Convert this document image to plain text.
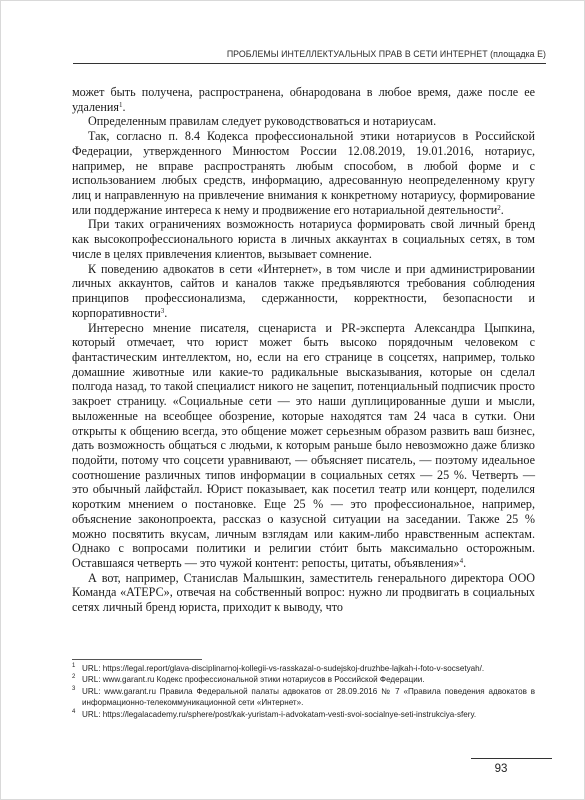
ПРОБЛЕМЫ ИНТЕЛЛЕКТУАЛЬНЫХ ПРАВ В СЕТИ ИНТЕРНЕТ (площадка Е)

может быть получена, распространена, обнародована в любое время, даже после ее удаления$^1$.

Определенным правилам следует руководствоваться и нотариусам.

Так, согласно п. 8.4 Кодекса профессиональной этики нотариусов в Российской Федерации, утвержденного Минюстом России 12.08.2019, 19.01.2016, нотариус, например, не вправе распространять любым способом, в любой форме и с использованием любых средств, информацию, адресованную неопределенному кругу лиц и направленную на привлечение внимания к конкретному нотариусу, формирование или поддержание интереса к нему и продвижение его нотариальной деятельности$^2$.

При таких ограничениях возможность нотариуса формировать свой личный бренд как высокопрофессионального юриста в личных аккаунтах в социальных сетях, в том числе в целях привлечения клиентов, вызывает сомнение.

К поведению адвокатов в сети «Интернет», в том числе и при администрировании личных аккаунтов, сайтов и каналов также предъявляются требования соблюдения принципов профессионализма, сдержанности, корректности, безопасности и корпоративности$^3$.

Интересно мнение писателя, сценариста и PR-эксперта Александра Цыпкина, который отмечает, что юрист может быть высоко порядочным человеком с фантастическим интеллектом, но, если на его странице в соцсетях, например, только домашние животные или какие-то радикальные высказывания, которые он сделал полгода назад, то такой специалист никого не зацепит, потенциальный подписчик просто закроет страницу. «Социальные сети — это наши дуплицированные души и мысли, выложенные на всеобщее обозрение, которые находятся там 24 часа в сутки. Они открыты к общению всегда, это общение может серьезным образом развить ваш бизнес, дать возможность общаться с людьми, к которым раньше было невозможно даже близко подойти, потому что соцсети уравнивают, — объясняет писатель, — поэтому идеальное соотношение различных типов информации в социальных сетях — 25 %. Четверть — это обычный лайфстайл. Юрист показывает, как посетил театр или концерт, поделился коротким мнением о постановке. Еще 25 % — это профессиональное, например, объяснение законопроекта, рассказ о казусной ситуации на заседании. Также 25 % можно посвятить вкусам, личным взглядам или каким-либо нравственным аспектам. Однако с вопросами политики и религии стóит быть максимально осторожным. Оставшаяся четверть — это чужой контент: репосты, цитаты, объявления»$^4$.

А вот, например, Станислав Малышкин, заместитель генерального директора ООО Команда «АТЕРС», отвечая на собственный вопрос: нужно ли продвигать в социальных сетях личный бренд юриста, приходит к выводу, что

1 URL: https://legal.report/glava-disciplinarnoj-kollegii-vs-rasskazal-o-sudejskoj-druzhbe-lajkah-i-foto-v-socsetyah/.
2 URL: www.garant.ru Кодекс профессиональной этики нотариусов в Российской Федерации.
3 URL: www.garant.ru Правила Федеральной палаты адвокатов от 28.09.2016 № 7 «Правила поведения адвокатов в информационно-телекоммуникационной сети «Интернет».
4 URL: https://legalacademy.ru/sphere/post/kak-yuristam-i-advokatam-vesti-svoi-socialnye-seti-instrukciya-sfery.
93
